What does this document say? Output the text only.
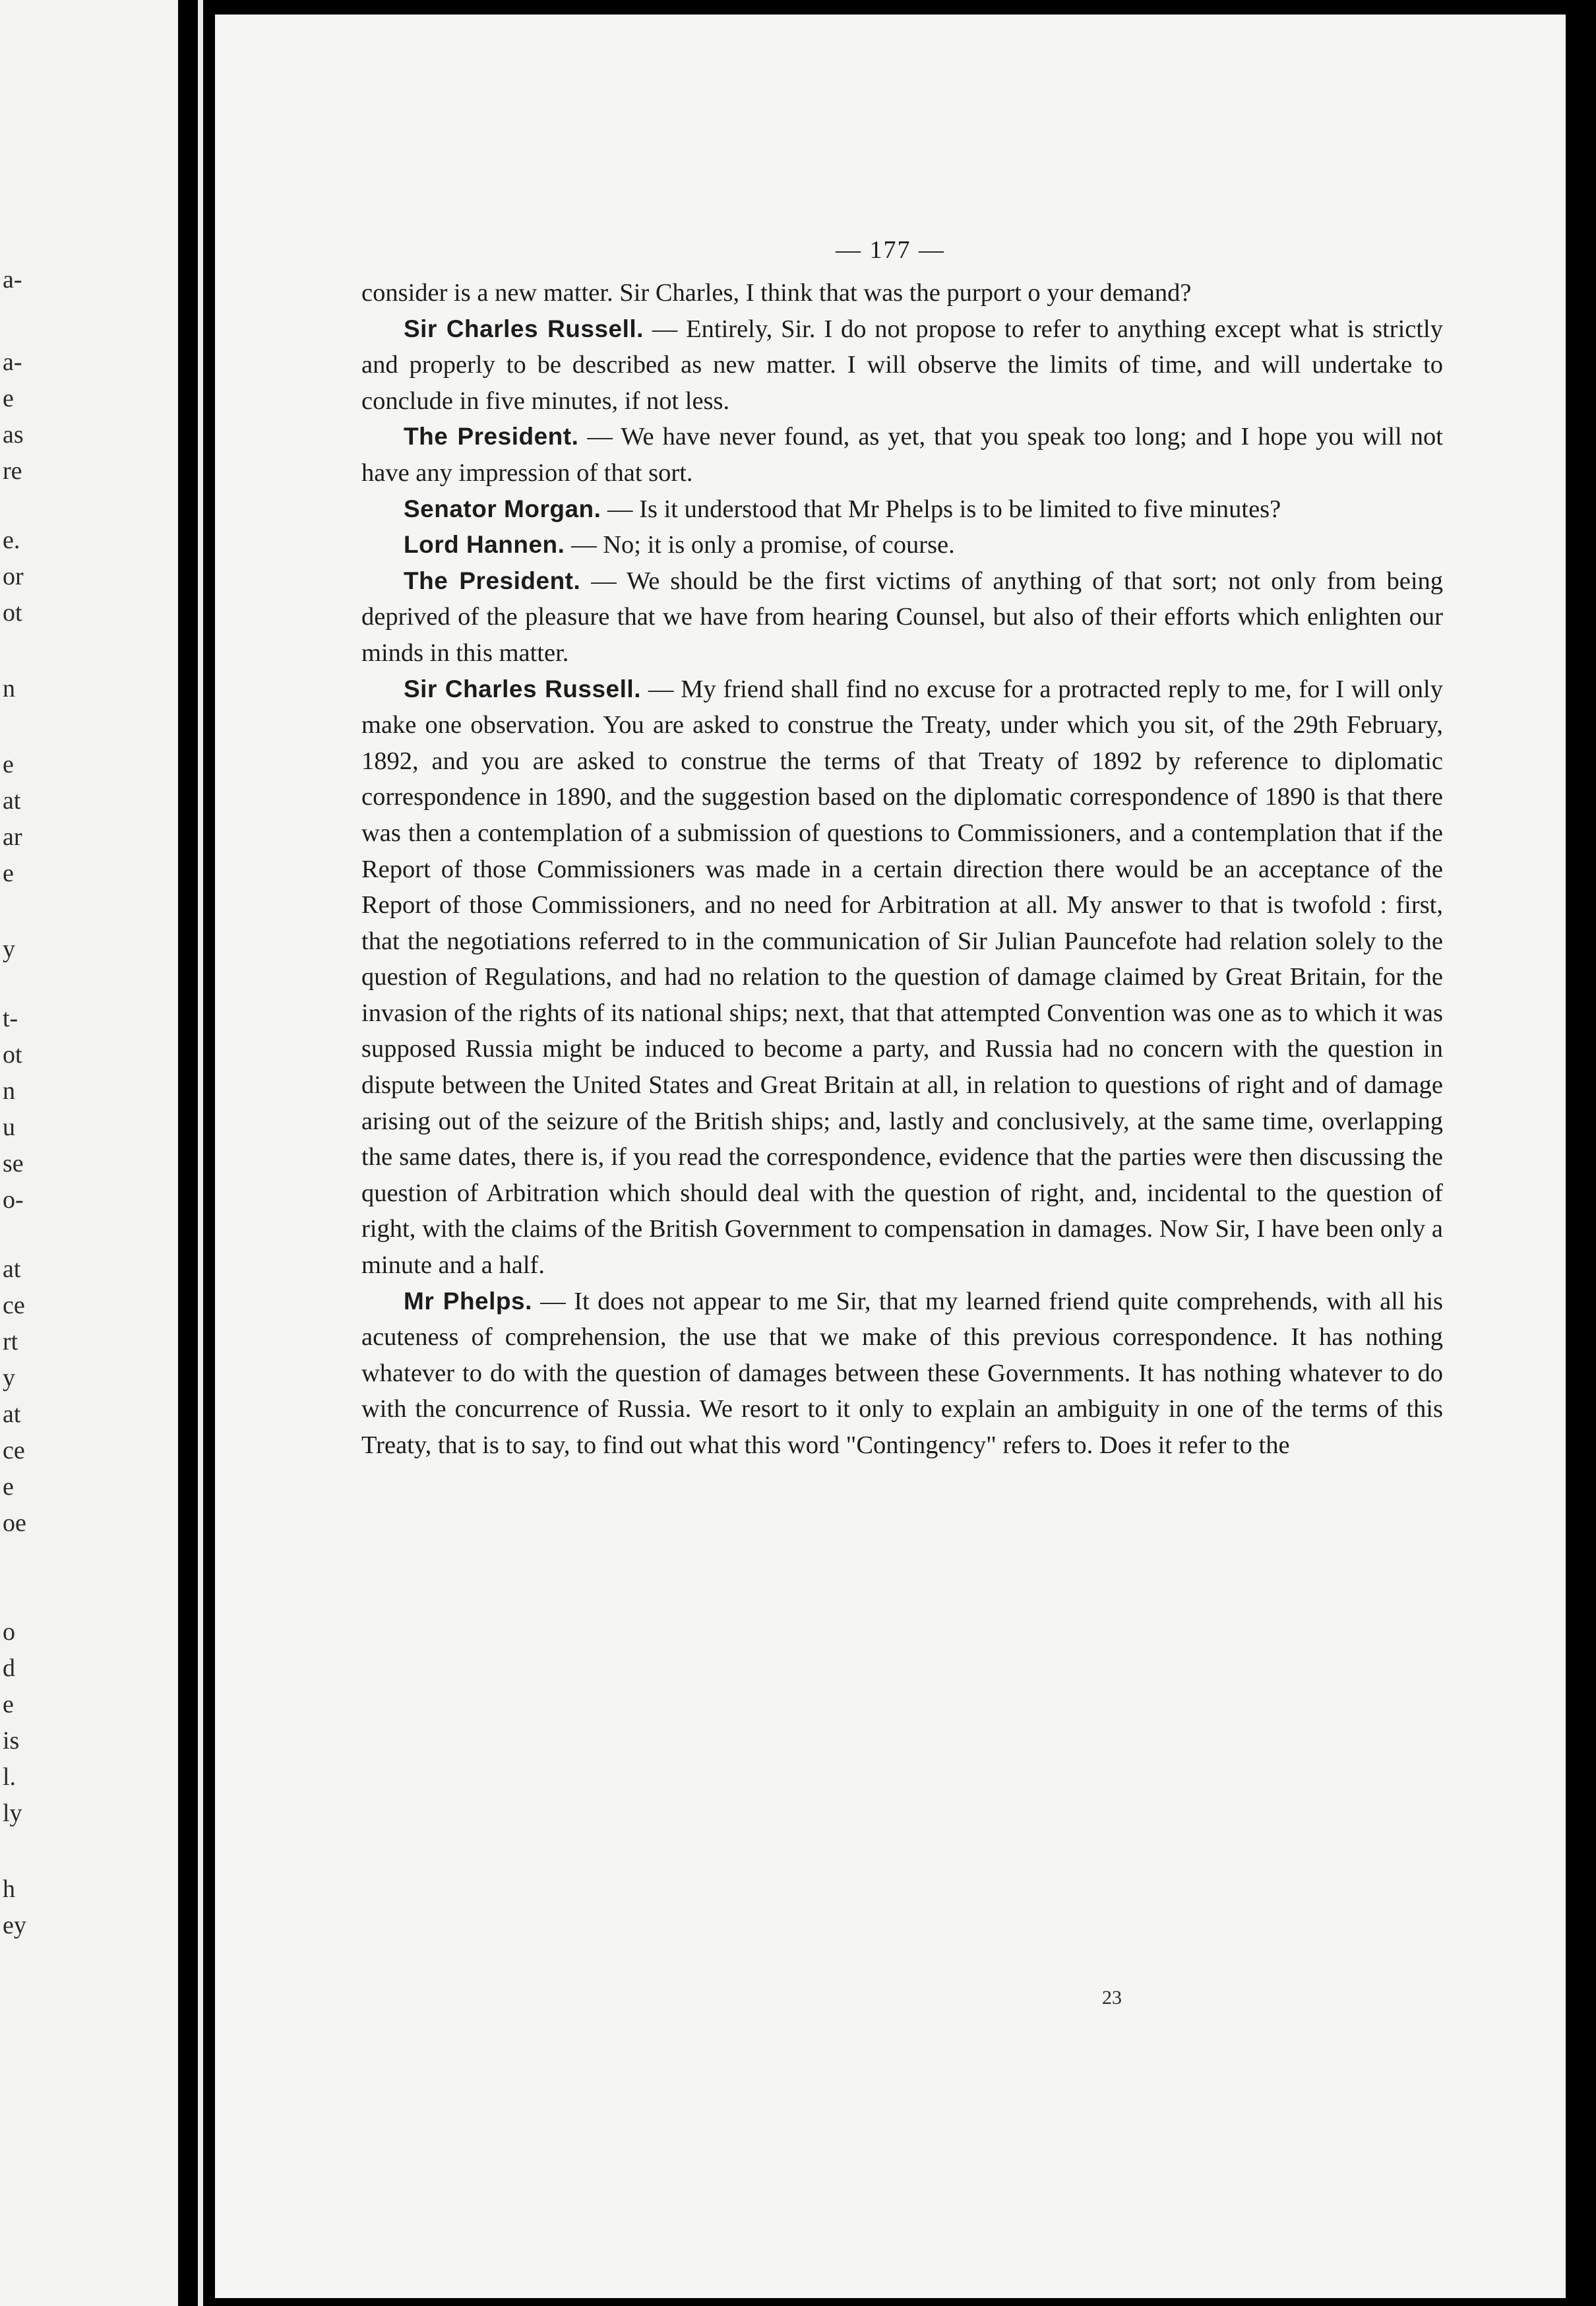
a-
a-
e
as
re
e.
or
ot
n
e
at
ar
e
y
t-
ot
n
u
se
o-
at
ce
rt
y
at
ce
e
oe
o
d
e
is
l.
ly
h
ey
— 177 —

consider is a new matter. Sir Charles, I think that was the purport o your demand?

Sir Charles Russell. — Entirely, Sir. I do not propose to refer to anything except what is strictly and properly to be described as new matter. I will observe the limits of time, and will undertake to conclude in five minutes, if not less.

The President. — We have never found, as yet, that you speak too long; and I hope you will not have any impression of that sort.

Senator Morgan. — Is it understood that Mr Phelps is to be limited to five minutes?

Lord Hannen. — No; it is only a promise, of course.

The President. — We should be the first victims of anything of that sort; not only from being deprived of the pleasure that we have from hearing Counsel, but also of their efforts which enlighten our minds in this matter.

Sir Charles Russell. — My friend shall find no excuse for a protracted reply to me, for I will only make one observation. You are asked to construe the Treaty, under which you sit, of the 29th February, 1892, and you are asked to construe the terms of that Treaty of 1892 by reference to diplomatic correspondence in 1890, and the suggestion based on the diplomatic correspondence of 1890 is that there was then a contemplation of a submission of questions to Commissioners, and a contemplation that if the Report of those Commissioners was made in a certain direction there would be an acceptance of the Report of those Commissioners, and no need for Arbitration at all. My answer to that is twofold : first, that the negotiations referred to in the communication of Sir Julian Pauncefote had relation solely to the question of Regulations, and had no relation to the question of damage claimed by Great Britain, for the invasion of the rights of its national ships; next, that that attempted Convention was one as to which it was supposed Russia might be induced to become a party, and Russia had no concern with the question in dispute between the United States and Great Britain at all, in relation to questions of right and of damage arising out of the seizure of the British ships; and, lastly and conclusively, at the same time, overlapping the same dates, there is, if you read the correspondence, evidence that the parties were then discussing the question of Arbitration which should deal with the question of right, and, incidental to the question of right, with the claims of the British Government to compensation in damages. Now Sir, I have been only a minute and a half.

Mr Phelps. — It does not appear to me Sir, that my learned friend quite comprehends, with all his acuteness of comprehension, the use that we make of this previous correspondence. It has nothing whatever to do with the question of damages between these Governments. It has nothing whatever to do with the concurrence of Russia. We resort to it only to explain an ambiguity in one of the terms of this Treaty, that is to say, to find out what this word "Contingency" refers to. Does it refer to the

23
